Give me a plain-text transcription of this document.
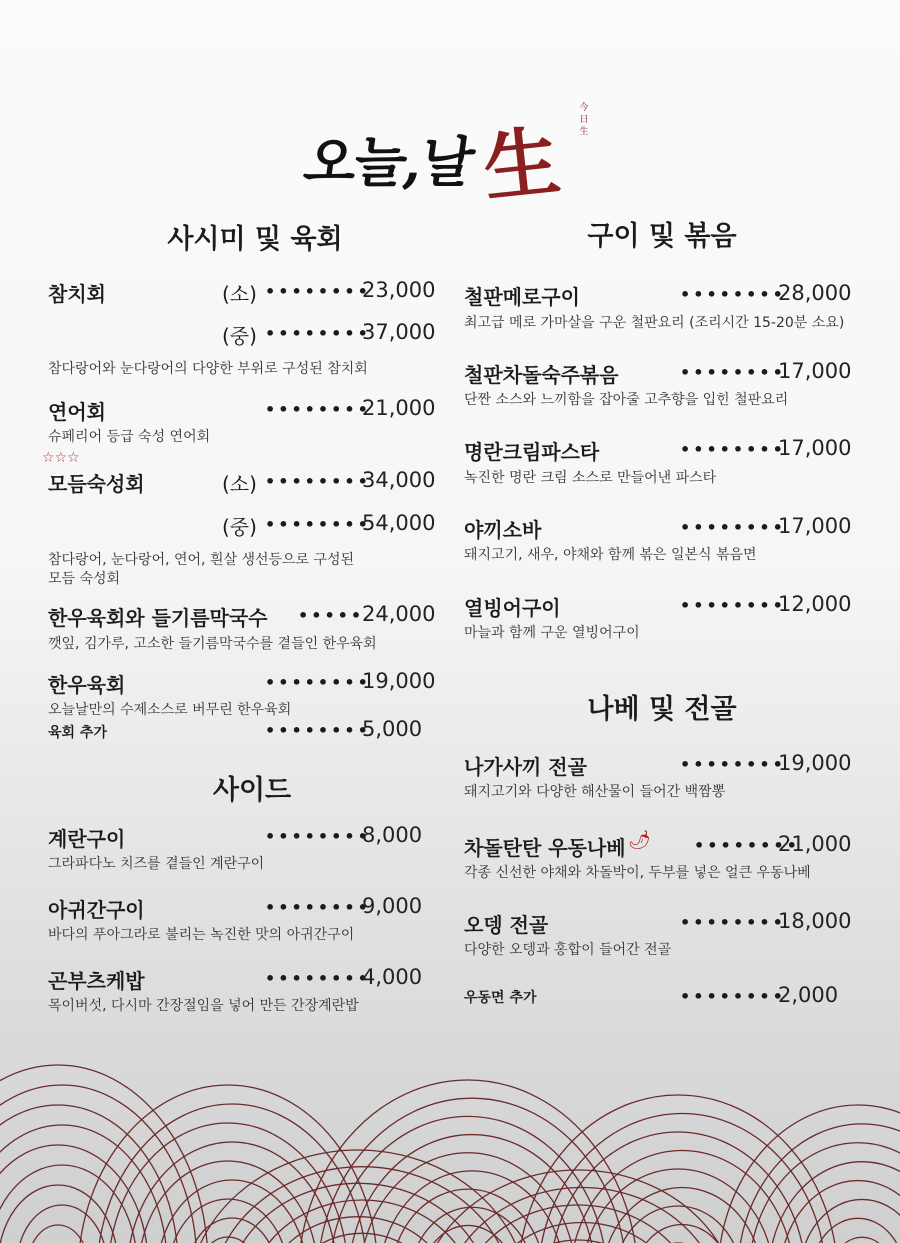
오늘,날 生
今日生
사시미 및 육회
참치회	(소) ••••••••
23,000
(중) ••••••••
37,000
참다랑어와 눈다랑어의 다양한 부위로 구성된 참치회
연어회	••••••••
21,000
슈페리어 등급 숙성 연어회
☆☆☆
모듬숙성회	(소) ••••••••
34,000
(중) ••••••••
54,000
참다랑어, 눈다랑어, 연어, 흰살 생선등으로 구성된
모듬 숙성회
한우육회와 들기름막국수 •••••
24,000
깻잎, 김가루, 고소한 들기름막국수를 곁들인 한우육회
한우육회	••••••••
19,000
오늘날만의 수제소스로 버무린 한우육회
육회 추가	••••••••
5,000
사이드
계란구이	••••••••
8,000
그라파다노 치즈를 곁들인 계란구이
아귀간구이	••••••••
9,000
바다의 푸아그라로 불리는 녹진한 맛의 아귀간구이
곤부츠케밥	••••••••
4,000
목이버섯, 다시마 간장절임을 넣어 만든 간장계란밥
구이 및 볶음
철판메로구이	••••••••
28,000
최고급 메로 가마살을 구운 철판요리 (조리시간 15-20분 소요)
철판차돌숙주볶음	••••••••
17,000
단짠 소스와 느끼함을 잡아줄 고추향을 입힌 철판요리
명란크림파스타	••••••••
17,000
녹진한 명란 크림 소스로 만들어낸 파스타
야끼소바	••••••••
17,000
돼지고기, 새우, 야채와 함께 볶은 일본식 볶음면
열빙어구이	••••••••
12,000
마늘과 함께 구운 열빙어구이
나베 및 전골
나가사끼 전골	••••••••
19,000
돼지고기와 다양한 해산물이 들어간 백짬뽕
차돌탄탄 우동나베 🌶	••••••••
21,000
각종 신선한 야채와 차돌박이, 두부를 넣은 얼큰 우동나베
오뎅 전골	••••••••
18,000
다양한 오뎅과 홍합이 들어간 전골
우동면 추가	••••••••
2,000
